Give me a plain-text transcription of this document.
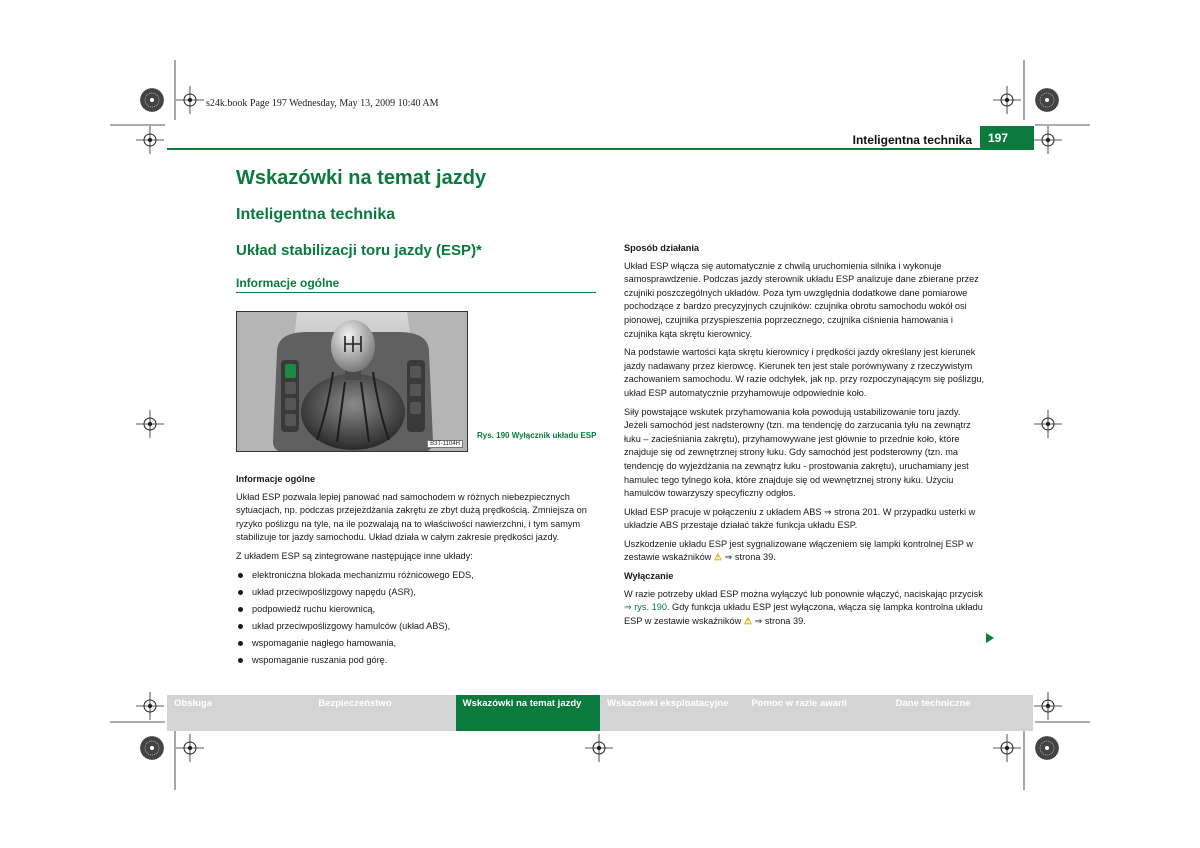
s24k.book Page 197 Wednesday, May 13, 2009 10:40 AM
Inteligentna technika	197
Wskazówki na temat jazdy
Inteligentna technika
Układ stabilizacji toru jazdy (ESP)*
Informacje ogólne
B3T-1104H
Rys. 190 Wyłącznik układu ESP

Informacje ogólne

Układ ESP pozwala lepiej panować nad samochodem w różnych niebezpiecznych sytuacjach, np. podczas przejeżdżania zakrętu ze zbyt dużą prędkością. Zmniejsza on ryzyko poślizgu na tyle, na ile pozwalają na to właściwości nawierzchni, i tym samym stabilizuje tor jazdy samochodu. Układ działa w całym zakresie prędkości jazdy.

Z układem ESP są zintegrowane następujące inne układy:

elektroniczna blokada mechanizmu różnicowego EDS,
układ przeciwpoślizgowy napędu (ASR),
podpowiedź ruchu kierownicą,
układ przeciwpoślizgowy hamulców (układ ABS),
wspomaganie nagłego hamowania,
wspomaganie ruszania pod górę.

Sposób działania

Układ ESP włącza się automatycznie z chwilą uruchomienia silnika i wykonuje samosprawdzenie. Podczas jazdy sterownik układu ESP analizuje dane zbierane przez czujniki poszczególnych układów. Poza tym uwzględnia dodatkowe dane pomiarowe pochodzące z bardzo precyzyjnych czujników: czujnika obrotu samochodu wokół osi pionowej, czujnika przyspieszenia poprzecznego, czujnika ciśnienia hamowania i czujnika kąta skrętu kierownicy.

Na podstawie wartości kąta skrętu kierownicy i prędkości jazdy określany jest kierunek jazdy nadawany przez kierowcę. Kierunek ten jest stale porównywany z rzeczywistym zachowaniem samochodu. W razie odchyłek, jak np. przy rozpoczynającym się poślizgu, układ ESP automatycznie przyhamowuje odpowiednie koło.

Siły powstające wskutek przyhamowania koła powodują ustabilizowanie toru jazdy. Jeżeli samochód jest nadsterowny (tzn. ma tendencję do zarzucania tyłu na zewnątrz łuku – zacieśniania zakrętu), przyhamowywane jest głównie to przednie koło, które znajduje się od zewnętrznej strony łuku. Gdy samochód jest podsterowny (tzn. ma tendencję do wyjeżdżania na zewnątrz łuku - prostowania zakrętu), uruchamiany jest hamulec tego tylnego koła, które znajduje się od wewnętrznej strony łuku. Użyciu hamulców towarzyszy specyficzny odgłos.

Układ ESP pracuje w połączeniu z układem ABS ⇒ strona 201. W przypadku usterki w układzie ABS przestaje działać także funkcja układu ESP.

Uszkodzenie układu ESP jest sygnalizowane włączeniem się lampki kontrolnej ESP w zestawie wskaźników ⚠ ⇒ strona 39.

Wyłączanie

W razie potrzeby układ ESP można wyłączyć lub ponownie włączyć, naciskając przycisk ⇒ rys. 190. Gdy funkcja układu ESP jest wyłączona, włącza się lampka kontrolna układu ESP w zestawie wskaźników ⚠ ⇒ strona 39.

Obsługa	Bezpieczeństwo	Wskazówki na temat jazdy	Wskazówki eksploatacyjne	Pomoc w razie awarii	Dane techniczne
